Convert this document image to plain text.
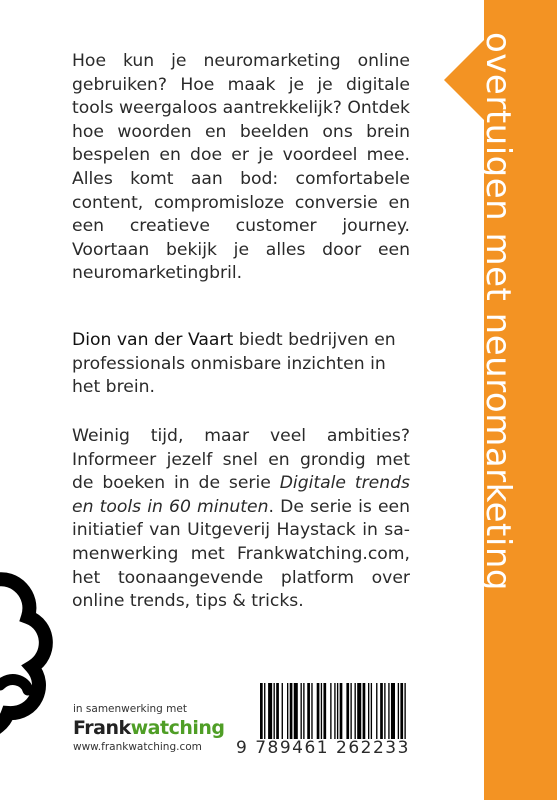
overtuigen met neuromarketing

Hoe kun je neuromarketing online gebruiken? Hoe maak je je digitale tools weergaloos aantrekkelijk? Ontdek hoe woorden en beelden ons brein bespelen en doe er je voordeel mee. Alles komt aan bod: comfortabele content, compromisloze conversie en een creatieve customer journey. Voortaan bekijk je alles door een neuromarketingbril.

Dion van der Vaart biedt bedrijven en professionals onmisbare inzichten in het brein.
Weinig tijd, maar veel ambities? Informeer jezelf snel en grondig met de boeken in de serie Digitale trends en tools in 60 minuten. De serie is een initiatief van Uitgeverij Haystack in samenwerking met Frankwatching.com, het toonaangevende platform over online trends, tips & tricks.
in samenwerking met
Frankwatching
www.frankwatching.com 9 789461 262233
